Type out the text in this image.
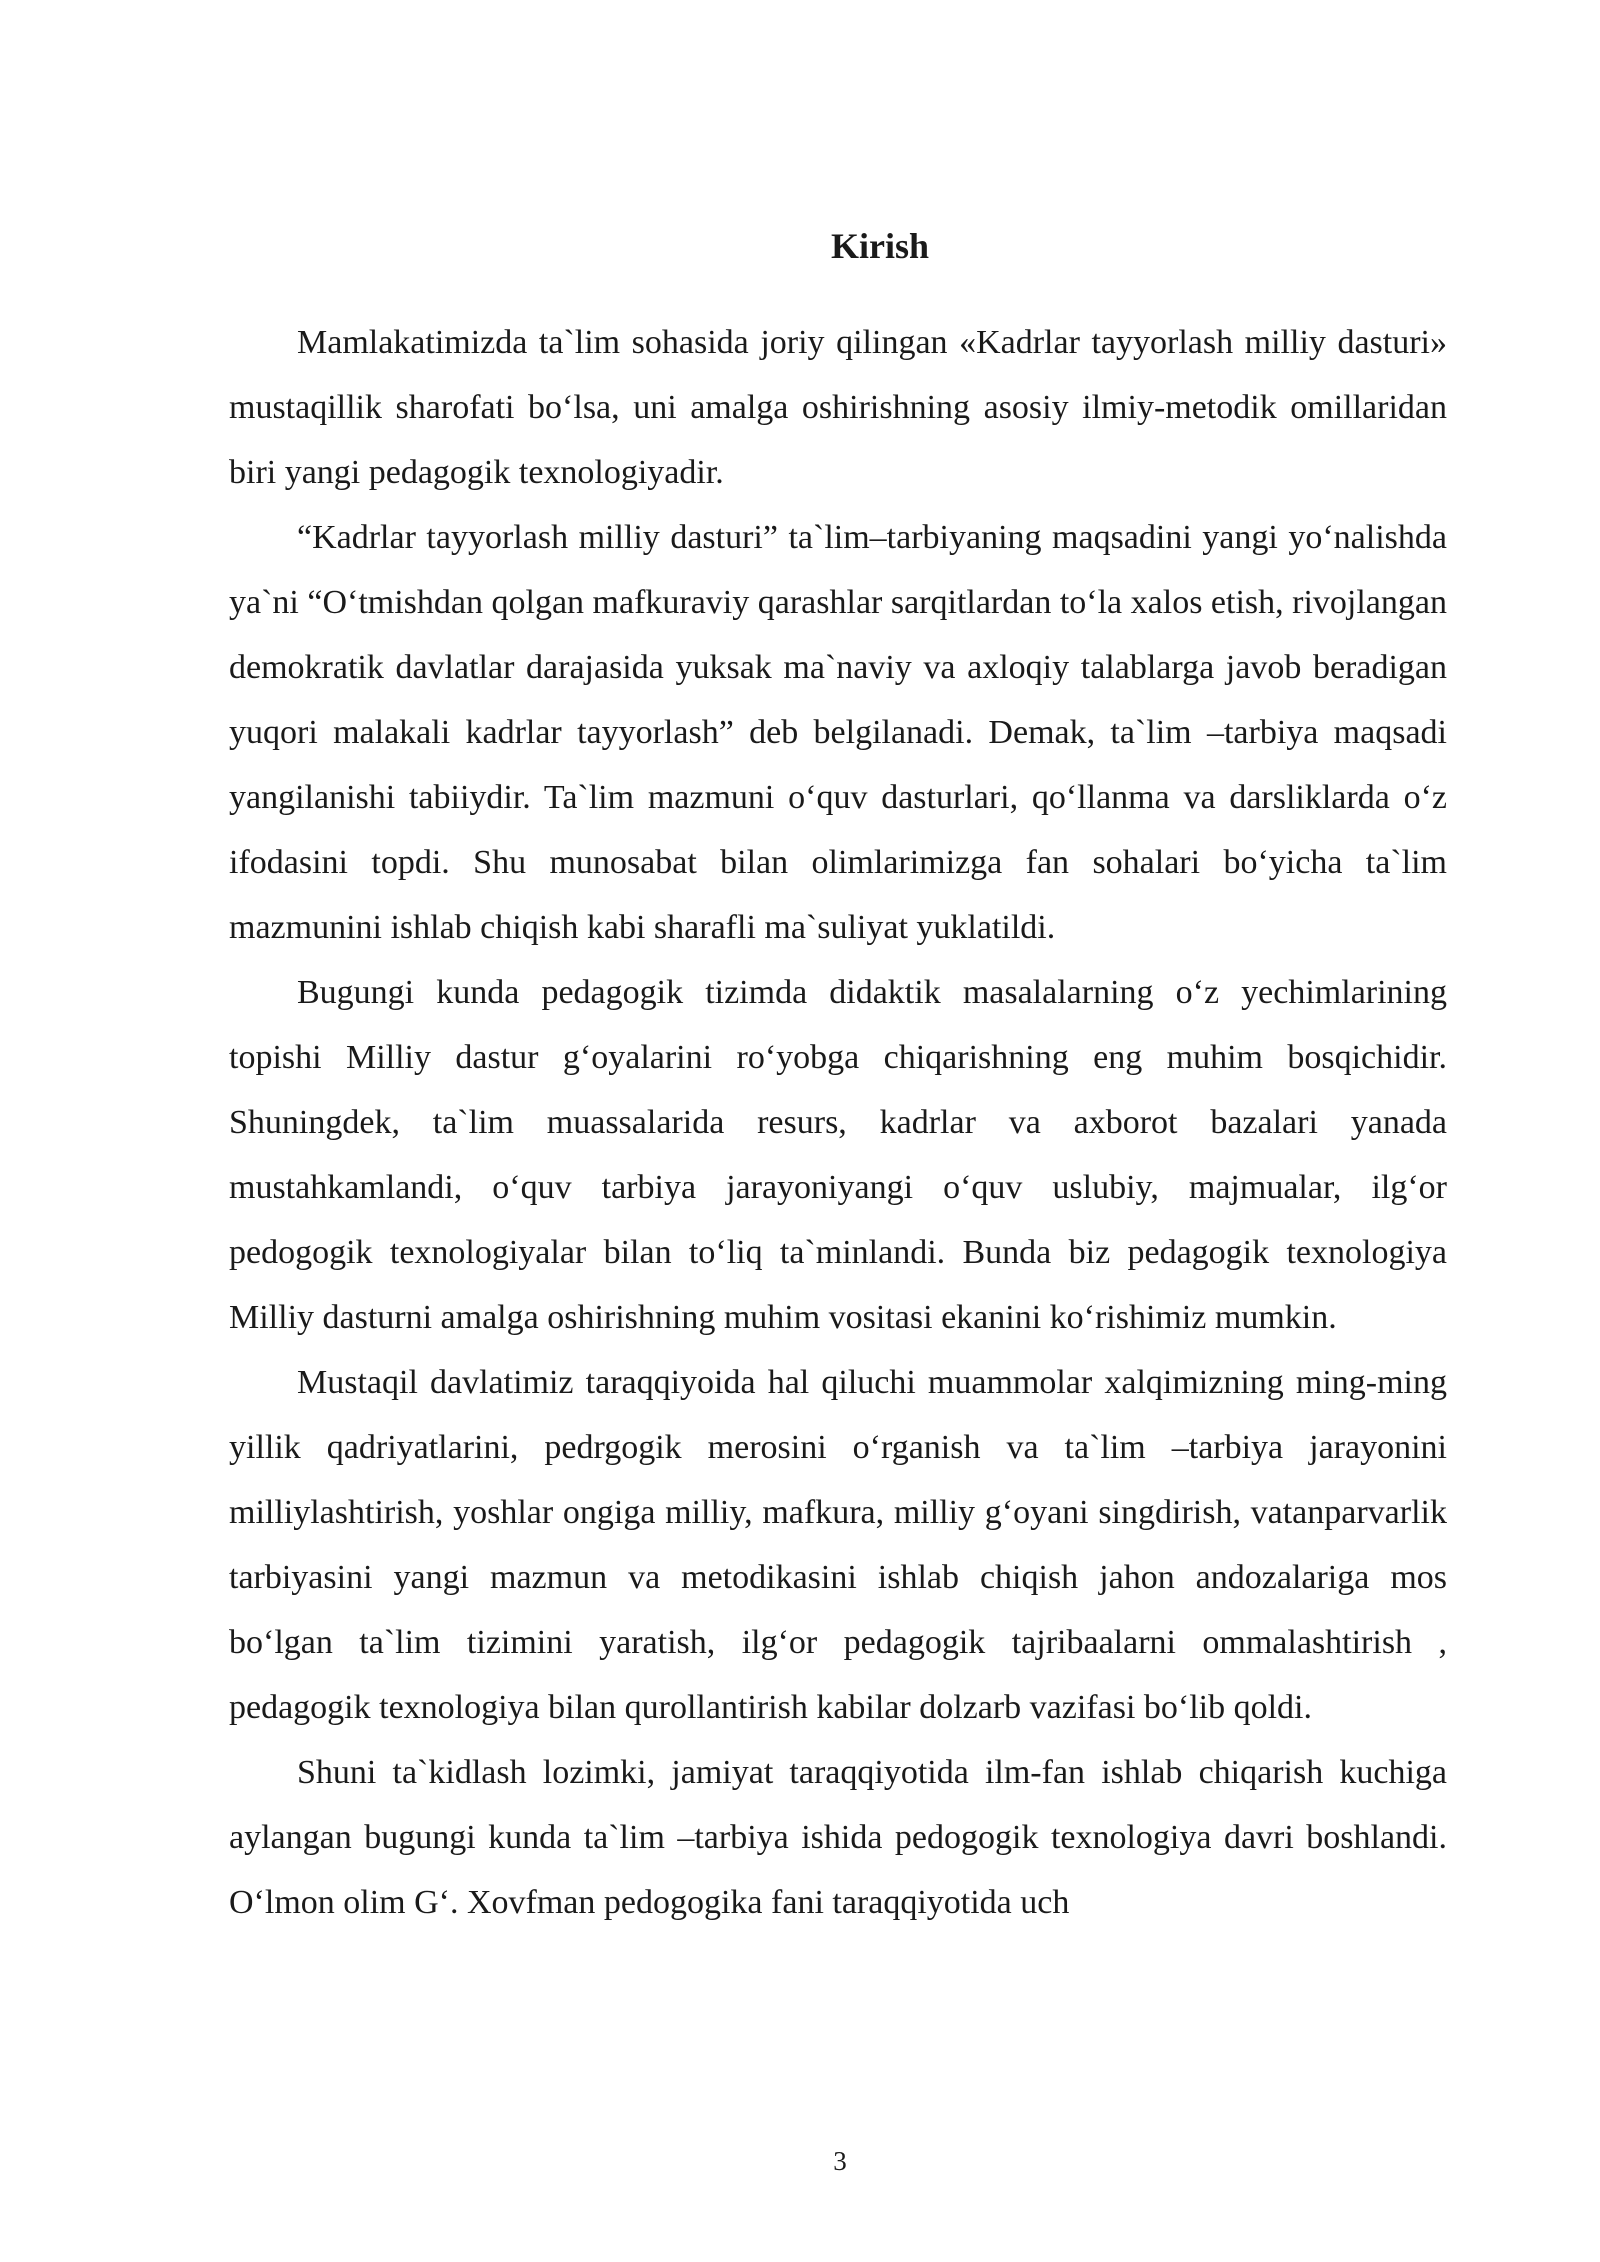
Kirish

Mamlakatimizda ta`lim sohasida joriy qilingan «Kadrlar tayyorlash milliy dasturi» mustaqillik sharofati bo‘lsa, uni amalga oshirishning asosiy ilmiy-metodik omillaridan biri yangi pedagogik texnologiyadir.

“Kadrlar tayyorlash milliy dasturi” ta`lim–tarbiyaning maqsadini yangi yo‘nalishda ya`ni “O‘tmishdan qolgan mafkuraviy qarashlar sarqitlardan to‘la xalos etish, rivojlangan demokratik davlatlar darajasida yuksak ma`naviy va axloqiy talablarga javob beradigan yuqori malakali kadrlar tayyorlash” deb belgilanadi. Demak, ta`lim –tarbiya maqsadi yangilanishi tabiiydir. Ta`lim mazmuni o‘quv dasturlari, qo‘llanma va darsliklarda o‘z ifodasini topdi. Shu munosabat bilan olimlarimizga fan sohalari bo‘yicha ta`lim mazmunini ishlab chiqish kabi sharafli ma`suliyat yuklatildi.

Bugungi kunda pedagogik tizimda didaktik masalalarning o‘z yechimlarining topishi Milliy dastur g‘oyalarini ro‘yobga chiqarishning eng muhim bosqichidir. Shuningdek, ta`lim muassalarida resurs, kadrlar va axborot bazalari yanada mustahkamlandi, o‘quv tarbiya jarayoniyangi o‘quv uslubiy, majmualar, ilg‘or pedogogik texnologiyalar bilan to‘liq ta`minlandi. Bunda biz pedagogik texnologiya Milliy dasturni amalga oshirishning muhim vositasi ekanini ko‘rishimiz mumkin.

Mustaqil davlatimiz taraqqiyoida hal qiluchi muammolar xalqimizning ming-ming yillik qadriyatlarini, pedrgogik merosini o‘rganish va ta`lim –tarbiya jarayonini milliylashtirish, yoshlar ongiga milliy, mafkura, milliy g‘oyani singdirish, vatanparvarlik tarbiyasini yangi mazmun va metodikasini ishlab chiqish jahon andozalariga mos bo‘lgan ta`lim tizimini yaratish, ilg‘or pedagogik tajribaalarni ommalashtirish , pedagogik texnologiya bilan qurollantirish kabilar dolzarb vazifasi bo‘lib qoldi.

Shuni ta`kidlash lozimki, jamiyat taraqqiyotida ilm-fan ishlab chiqarish kuchiga aylangan bugungi kunda ta`lim –tarbiya ishida pedogogik texnologiya davri boshlandi. O‘lmon olim G‘. Xovfman pedogogika fani taraqqiyotida uch

3
